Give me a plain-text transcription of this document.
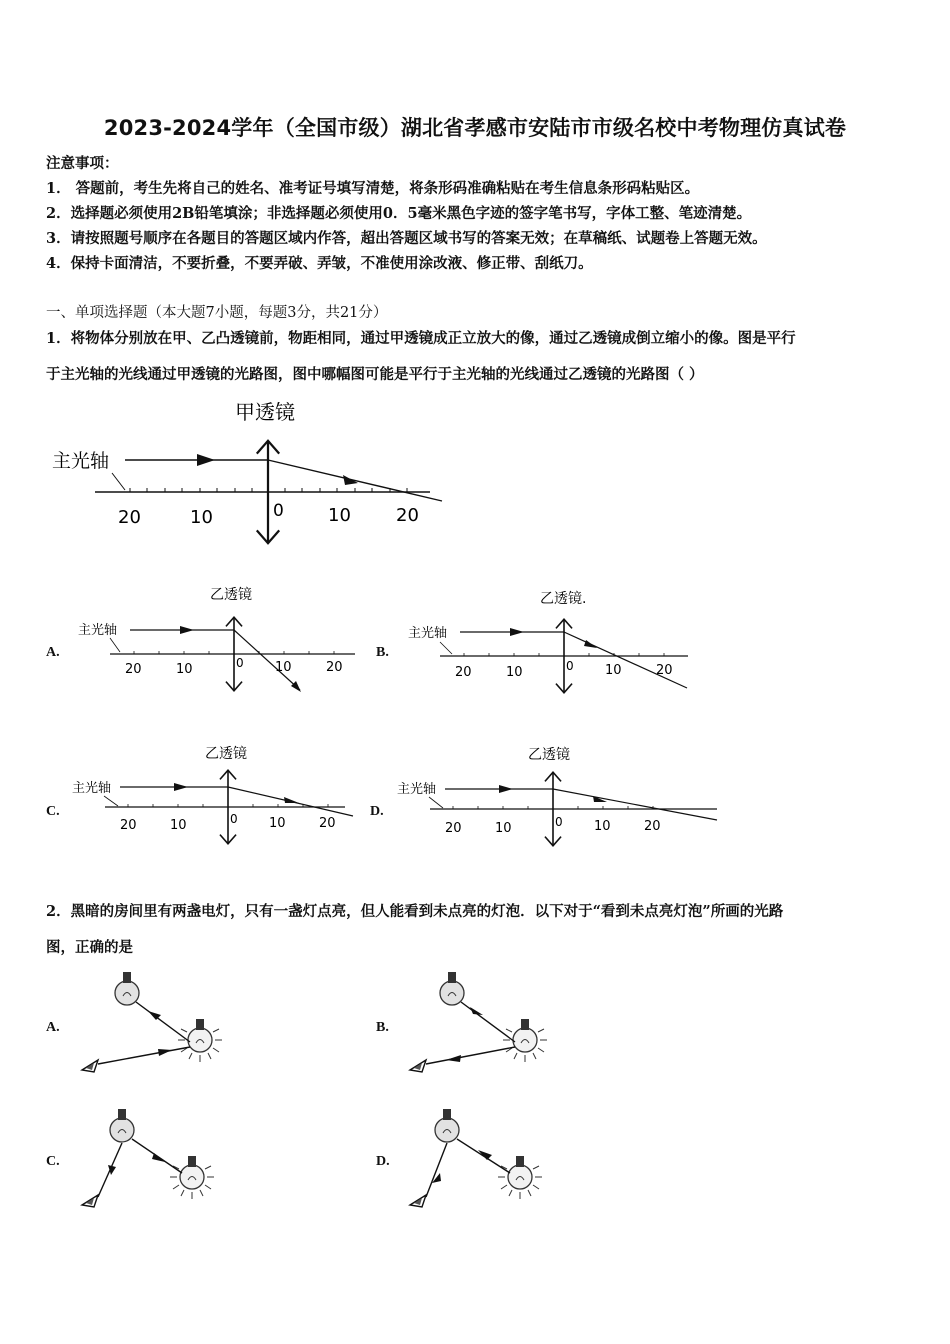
2023-2024学年（全国市级）湖北省孝感市安陆市市级名校中考物理仿真试卷
注意事项：
1． 答题前，考生先将自己的姓名、准考证号填写清楚，将条形码准确粘贴在考生信息条形码粘贴区。
2．选择题必须使用2B铅笔填涂；非选择题必须使用0．5毫米黑色字迹的签字笔书写，字体工整、笔迹清楚。
3．请按照题号顺序在各题目的答题区域内作答，超出答题区域书写的答案无效；在草稿纸、试题卷上答题无效。
4．保持卡面清洁，不要折叠，不要弄破、弄皱，不准使用涂改液、修正带、刮纸刀。
一、单项选择题（本大题7小题，每题3分，共21分）
1．将物体分别放在甲、乙凸透镜前，物距相同，通过甲透镜成正立放大的像，通过乙透镜成倒立缩小的像。图是平行
于主光轴的光线通过甲透镜的光路图，图中哪幅图可能是平行于主光轴的光线通过乙透镜的光路图（ ）
甲透镜
主光轴
20	10	0 10	20
A.
乙透镜
主光轴
20	10	0 10	20
B.
乙透镜.
主光轴
20	10	0 10	20
C.
乙透镜
主光轴
20	10	0 10	20
D.
乙透镜
主光轴
20	10	0 10	20
2．黑暗的房间里有两盏电灯，只有一盏灯点亮，但人能看到未点亮的灯泡．以下对于“看到未点亮灯泡”所画的光路
图，正确的是
A.	B.
C.	D.
